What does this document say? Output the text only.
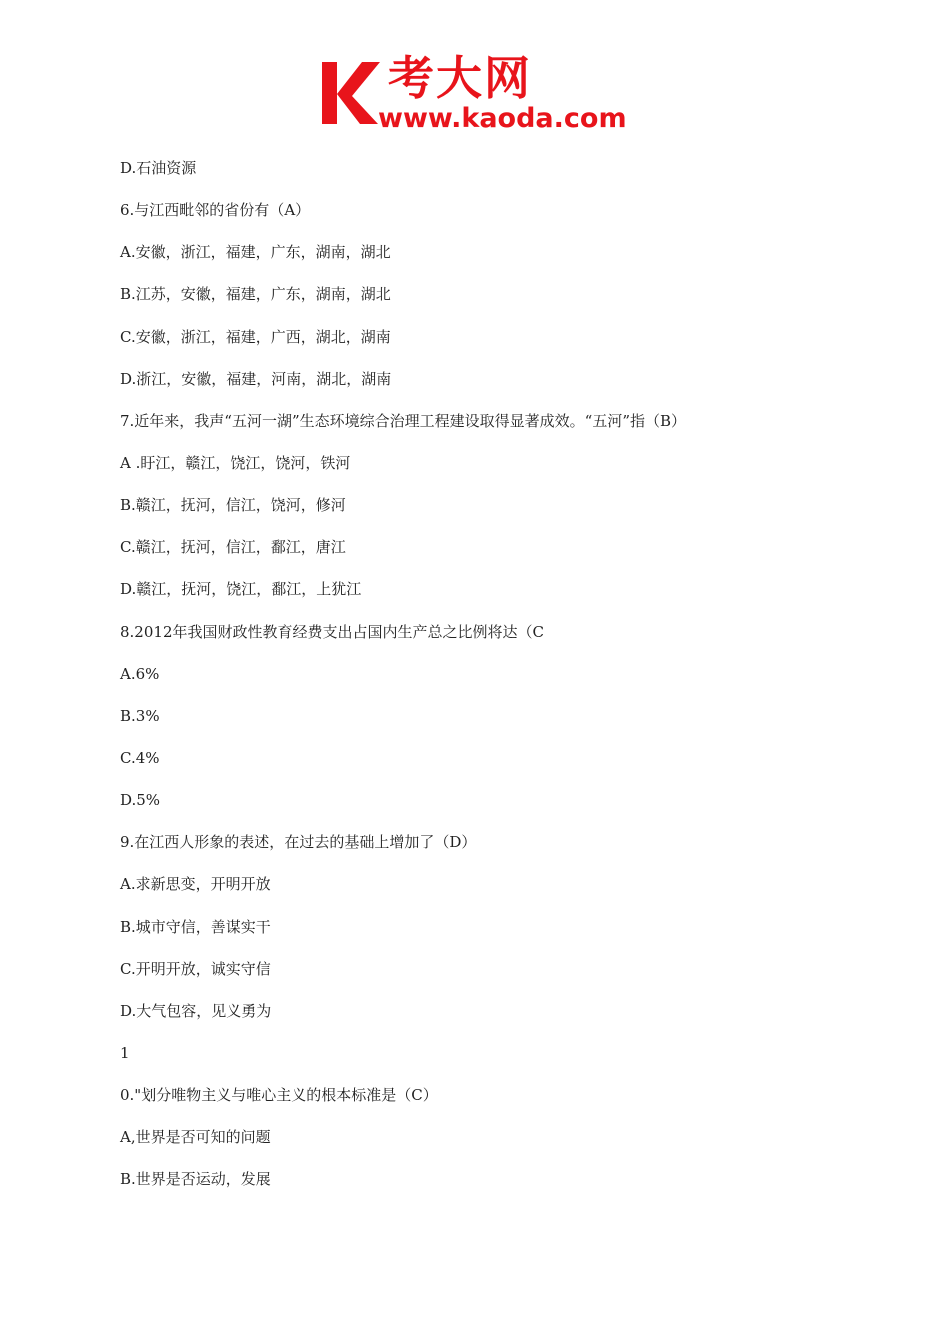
考大网
www.kaoda.com
D.石油资源
6.与江西毗邻的省份有（A）
A.安徽，浙江，福建，广东，湖南，湖北
B.江苏，安徽，福建，广东，湖南，湖北
C.安徽，浙江，福建，广西，湖北，湖南
D.浙江，安徽，福建，河南，湖北，湖南
7.近年来，我声“五河一湖”生态环境综合治理工程建设取得显著成效。“五河”指（B）
A .盱江，赣江，饶江，饶河，铁河
B.赣江，抚河，信江，饶河，修河
C.赣江，抚河，信江，鄱江，唐江
D.赣江，抚河，饶江，鄱江，上犹江
8.2012年我国财政性教育经费支出占国内生产总之比例将达（C
A.6%
B.3%
C.4%
D.5%
9.在江西人形象的表述，在过去的基础上增加了（D）
A.求新思变，开明开放
B.城市守信，善谋实干
C.开明开放，诚实守信
D.大气包容，见义勇为
1
0."划分唯物主义与唯心主义的根本标准是（C）
A,世界是否可知的问题
B.世界是否运动，发展
